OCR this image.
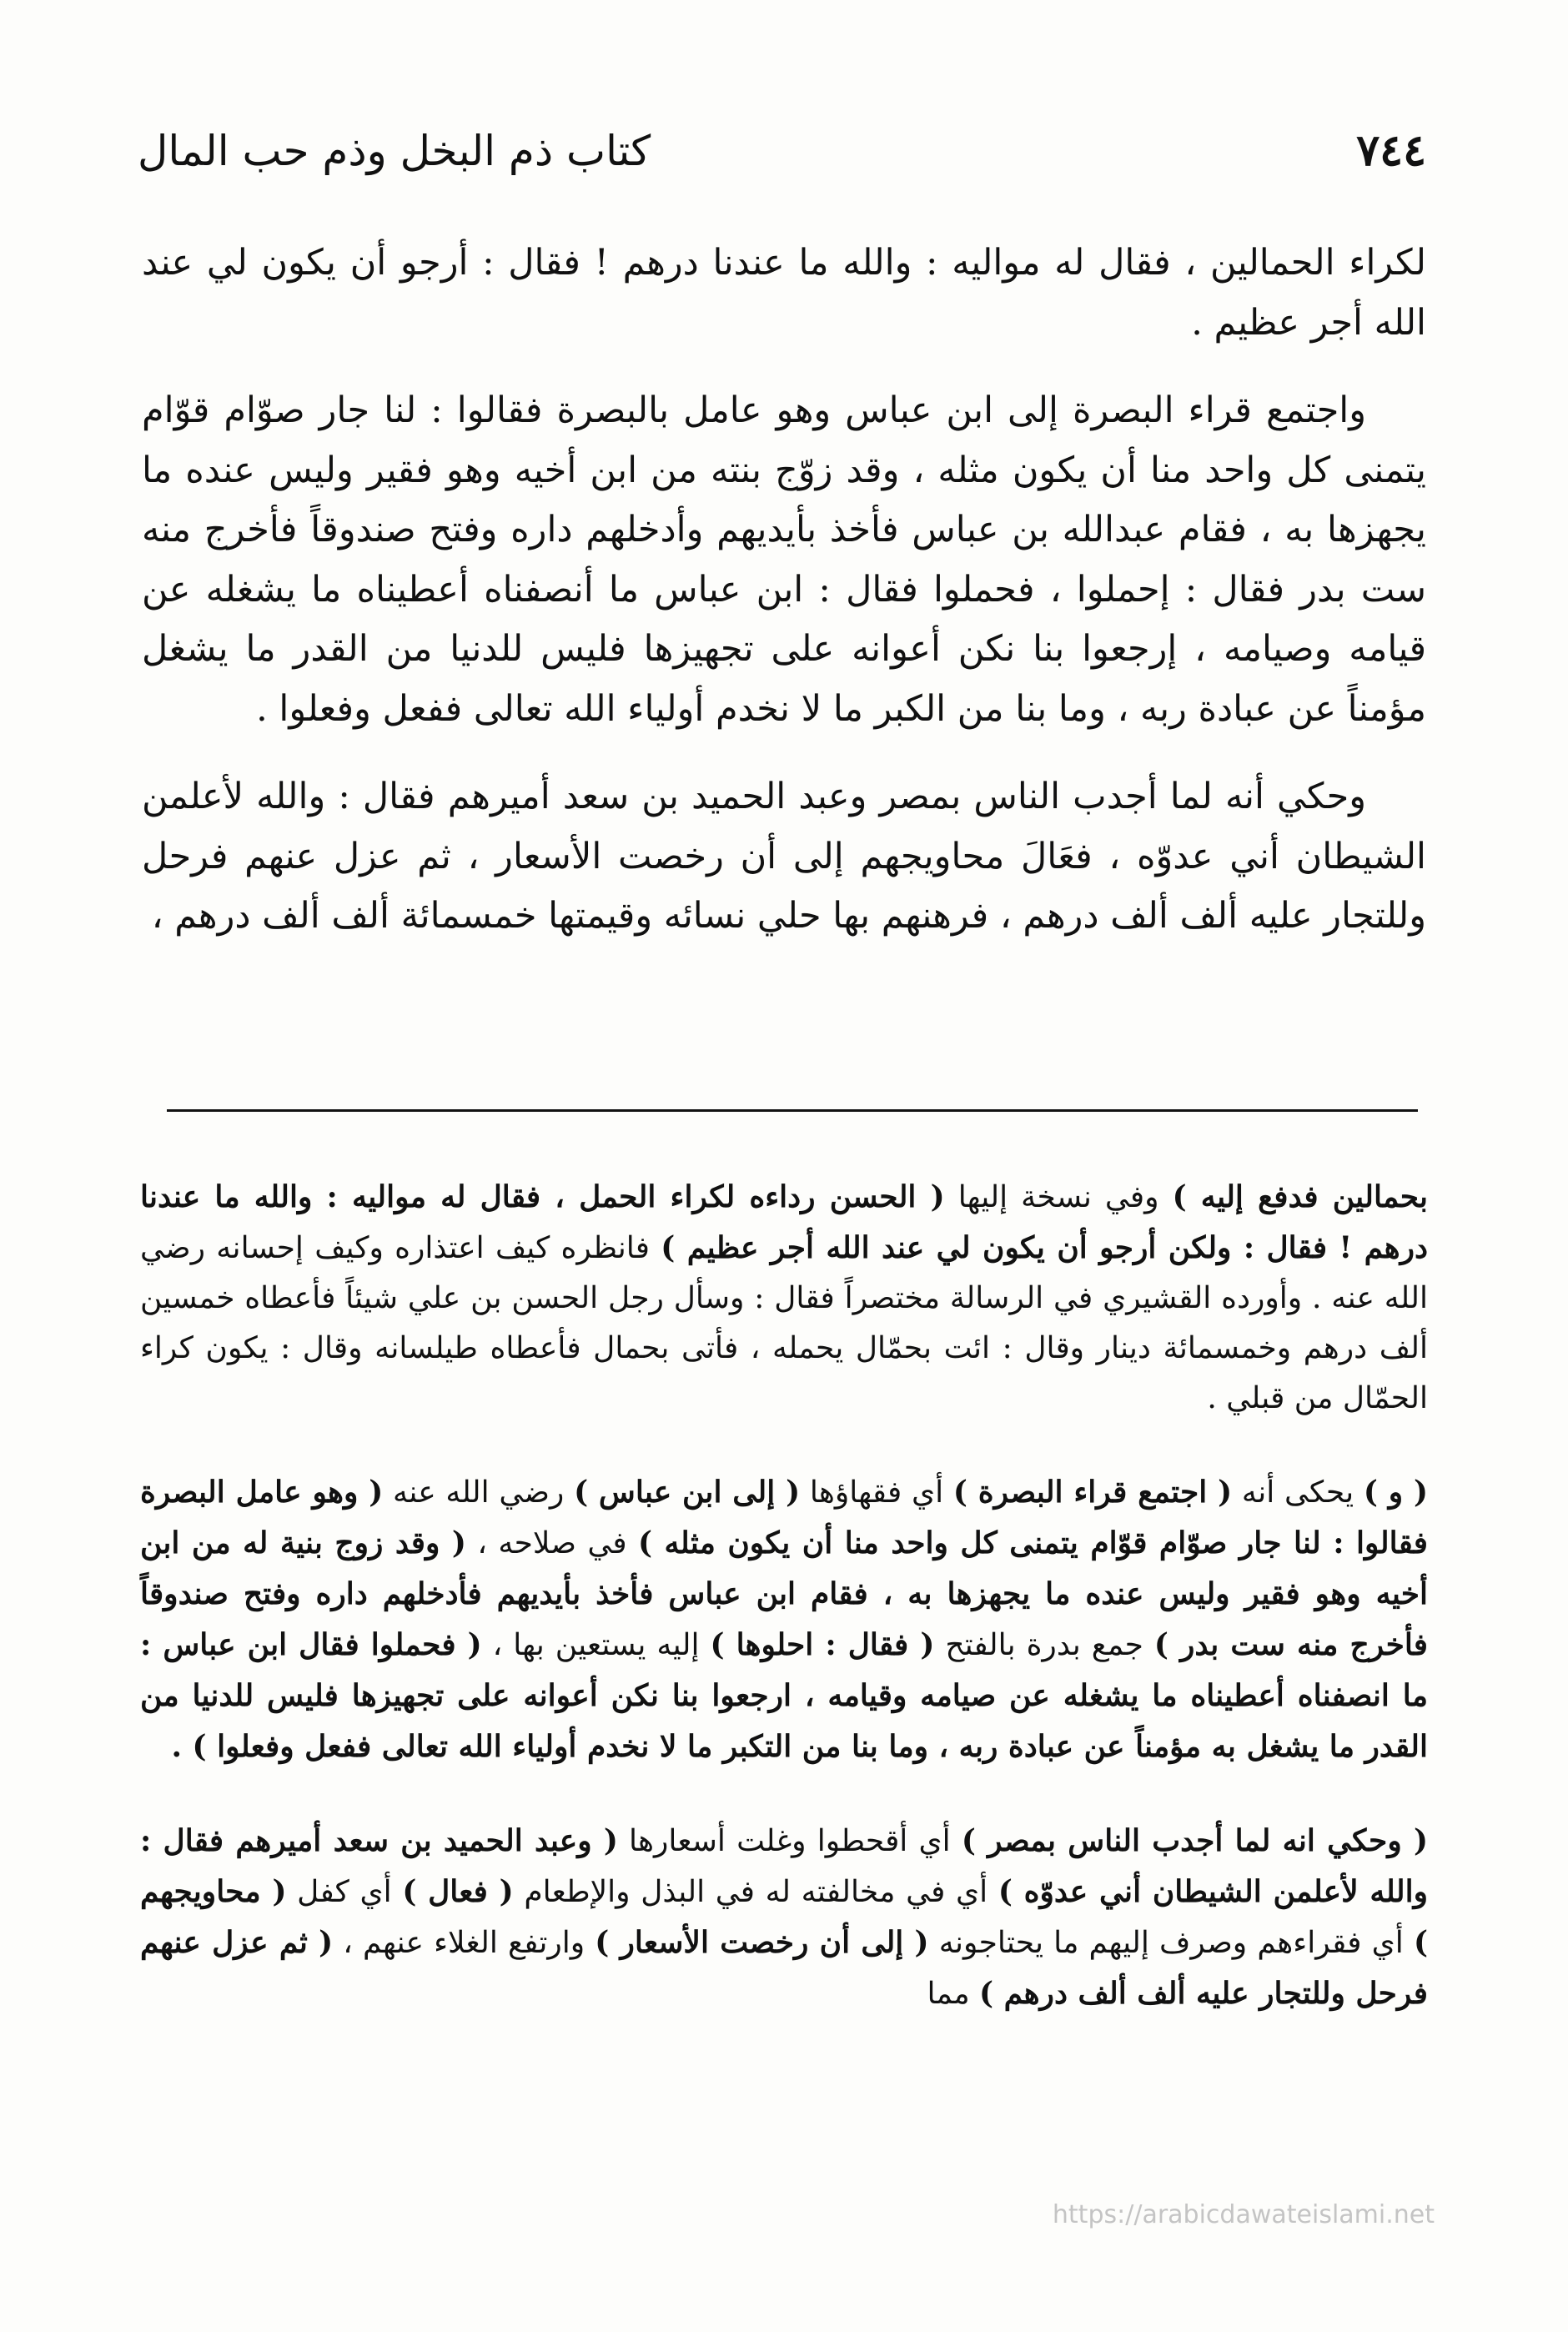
٧٤٤
كتاب ذم البخل وذم حب المال

لكراء الحمالين ، فقال له مواليه : والله ما عندنا درهم ! فقال : أرجو أن يكون لي عند الله أجر عظيم .

واجتمع قراء البصرة إلى ابن عباس وهو عامل بالبصرة فقالوا : لنا جار صوّام قوّام يتمنى كل واحد منا أن يكون مثله ، وقد زوّج بنته من ابن أخيه وهو فقير وليس عنده ما يجهزها به ، فقام عبدالله بن عباس فأخذ بأيديهم وأدخلهم داره وفتح صندوقاً فأخرج منه ست بدر فقال : إحملوا ، فحملوا فقال : ابن عباس ما أنصفناه أعطيناه ما يشغله عن قيامه وصيامه ، إرجعوا بنا نكن أعوانه على تجهيزها فليس للدنيا من القدر ما يشغل مؤمناً عن عبادة ربه ، وما بنا من الكبر ما لا نخدم أولياء الله تعالى ففعل وفعلوا .

وحكي أنه لما أجدب الناس بمصر وعبد الحميد بن سعد أميرهم فقال : والله لأعلمن الشيطان أني عدوّه ، فعَالَ محاويجهم إلى أن رخصت الأسعار ، ثم عزل عنهم فرحل وللتجار عليه ألف ألف درهم ، فرهنهم بها حلي نسائه وقيمتها خمسمائة ألف ألف درهم ،

بحمالين فدفع إليه ) وفي نسخة إليها ( الحسن رداءه لكراء الحمل ، فقال له مواليه : والله ما عندنا درهم ! فقال : ولكن أرجو أن يكون لي عند الله أجر عظيم ) فانظره كيف اعتذاره وكيف إحسانه رضي الله عنه . وأورده القشيري في الرسالة مختصراً فقال : وسأل رجل الحسن بن علي شيئاً فأعطاه خمسين ألف درهم وخمسمائة دينار وقال : ائت بحمّال يحمله ، فأتى بحمال فأعطاه طيلسانه وقال : يكون كراء الحمّال من قبلي .

( و ) يحكى أنه ( اجتمع قراء البصرة ) أي فقهاؤها ( إلى ابن عباس ) رضي الله عنه ( وهو عامل البصرة فقالوا : لنا جار صوّام قوّام يتمنى كل واحد منا أن يكون مثله ) في صلاحه ، ( وقد زوج بنية له من ابن أخيه وهو فقير وليس عنده ما يجهزها به ، فقام ابن عباس فأخذ بأيديهم فأدخلهم داره وفتح صندوقاً فأخرج منه ست بدر ) جمع بدرة بالفتح ( فقال : احلوها ) إليه يستعين بها ، ( فحملوا فقال ابن عباس : ما انصفناه أعطيناه ما يشغله عن صيامه وقيامه ، ارجعوا بنا نكن أعوانه على تجهيزها فليس للدنيا من القدر ما يشغل به مؤمناً عن عبادة ربه ، وما بنا من التكبر ما لا نخدم أولياء الله تعالى ففعل وفعلوا ) .

( وحكي انه لما أجدب الناس بمصر ) أي أقحطوا وغلت أسعارها ( وعبد الحميد بن سعد أميرهم فقال : والله لأعلمن الشيطان أني عدوّه ) أي في مخالفته له في البذل والإطعام ( فعال ) أي كفل ( محاويجهم ) أي فقراءهم وصرف إليهم ما يحتاجونه ( إلى أن رخصت الأسعار ) وارتفع الغلاء عنهم ، ( ثم عزل عنهم فرحل وللتجار عليه ألف ألف درهم ) مما

https://arabicdawateislami.net
